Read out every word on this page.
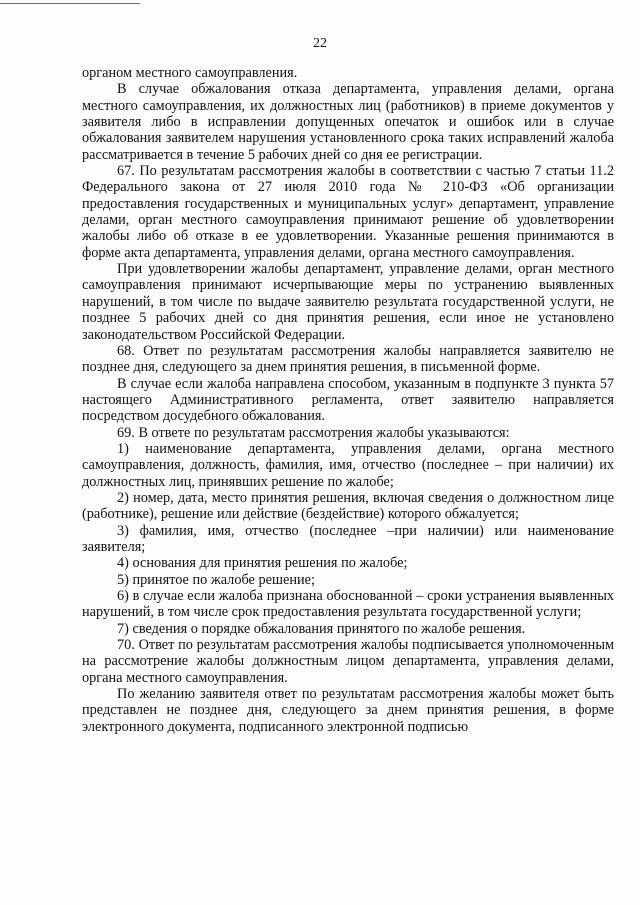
22

органом местного самоуправления.

В случае обжалования отказа департамента, управления делами, органа местного самоуправления, их должностных лиц (работников) в приеме документов у заявителя либо в исправлении допущенных опечаток и ошибок или в случае обжалования заявителем нарушения установленного срока таких исправлений жалоба рассматривается в течение 5 рабочих дней со дня ее регистрации.

67. По результатам рассмотрения жалобы в соответствии с частью 7 статьи 11.2 Федерального закона от 27 июля 2010 года № 210-ФЗ «Об организации предоставления государственных и муниципальных услуг» департамент, управление делами, орган местного самоуправления принимают решение об удовлетворении жалобы либо об отказе в ее удовлетворении. Указанные решения принимаются в форме акта департамента, управления делами, органа местного самоуправления.

При удовлетворении жалобы департамент, управление делами, орган местного самоуправления принимают исчерпывающие меры по устранению выявленных нарушений, в том числе по выдаче заявителю результата государственной услуги, не позднее 5 рабочих дней со дня принятия решения, если иное не установлено законодательством Российской Федерации.

68. Ответ по результатам рассмотрения жалобы направляется заявителю не позднее дня, следующего за днем принятия решения, в письменной форме.

В случае если жалоба направлена способом, указанным в подпункте 3 пункта 57 настоящего Административного регламента, ответ заявителю направляется посредством досудебного обжалования.

69. В ответе по результатам рассмотрения жалобы указываются:

1) наименование департамента, управления делами, органа местного самоуправления, должность, фамилия, имя, отчество (последнее – при наличии) их должностных лиц, принявших решение по жалобе;

2) номер, дата, место принятия решения, включая сведения о должностном лице (работнике), решение или действие (бездействие) которого обжалуется;

3) фамилия, имя, отчество (последнее –при наличии) или наименование заявителя;

4) основания для принятия решения по жалобе;

5) принятое по жалобе решение;

6) в случае если жалоба признана обоснованной – сроки устранения выявленных нарушений, в том числе срок предоставления результата государственной услуги;

7) сведения о порядке обжалования принятого по жалобе решения.

70. Ответ по результатам рассмотрения жалобы подписывается уполномоченным на рассмотрение жалобы должностным лицом департамента, управления делами, органа местного самоуправления.

По желанию заявителя ответ по результатам рассмотрения жалобы может быть представлен не позднее дня, следующего за днем принятия решения, в форме электронного документа, подписанного электронной подписью
